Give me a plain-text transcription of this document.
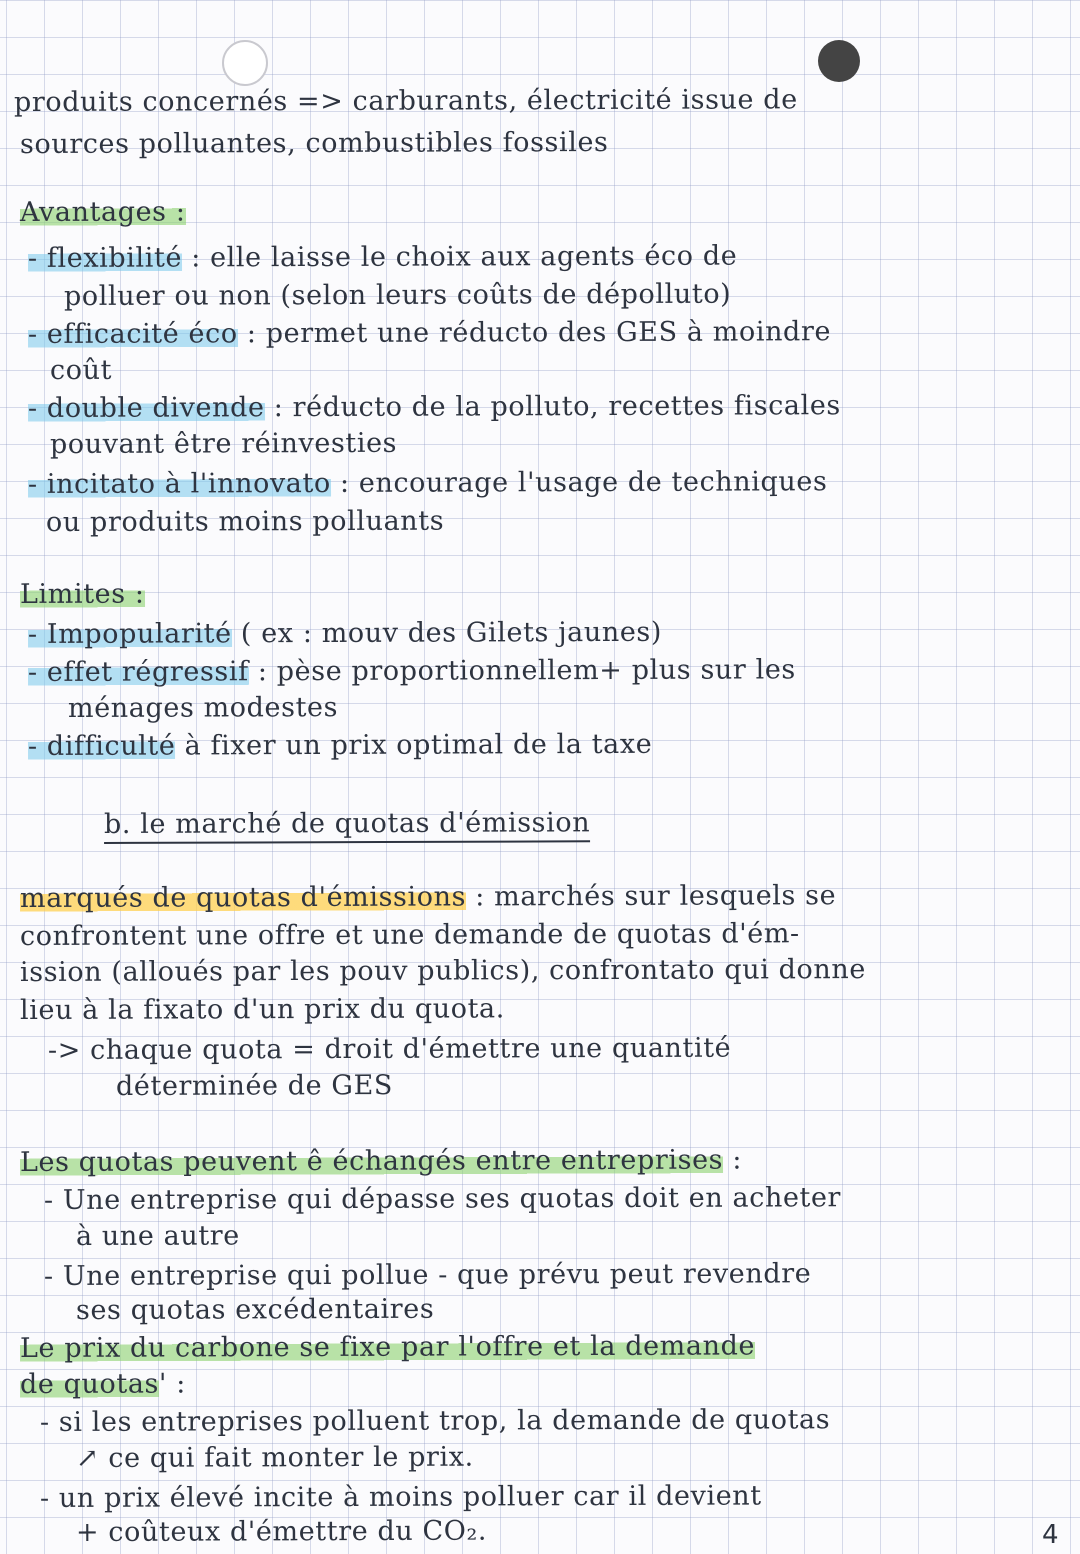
produits concernés => carburants, électricité issue de
sources polluantes, combustibles fossiles
Avantages :
- flexibilité : elle laisse le choix aux agents éco de
polluer ou non (selon leurs coûts de dépolluto)
- efficacité éco : permet une réducto des GES à moindre
coût
- double divende : réducto de la polluto, recettes fiscales
pouvant être réinvesties
- incitato à l'innovato : encourage l'usage de techniques
ou produits moins polluants
Limites :
- Impopularité ( ex : mouv des Gilets jaunes)
- effet régressif : pèse proportionnellem+ plus sur les
ménages modestes
- difficulté à fixer un prix optimal de la taxe
b. le marché de quotas d'émission
marqués de quotas d'émissions : marchés sur lesquels se
confrontent une offre et une demande de quotas d'ém-
ission (alloués par les pouv publics), confrontato qui donne
lieu à la fixato d'un prix du quota.
-> chaque quota = droit d'émettre une quantité
déterminée de GES
Les quotas peuvent ê échangés entre entreprises :
- Une entreprise qui dépasse ses quotas doit en acheter
à une autre
- Une entreprise qui pollue - que prévu peut revendre
ses quotas excédentaires
Le prix du carbone se fixe par l'offre et la demande
de quotas' :
- si les entreprises polluent trop, la demande de quotas
↗ ce qui fait monter le prix.
- un prix élevé incite à moins polluer car il devient
+ coûteux d'émettre du CO₂.	4
